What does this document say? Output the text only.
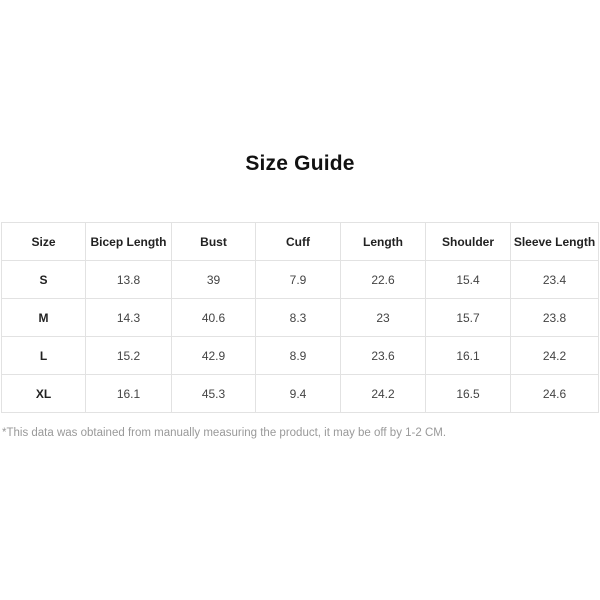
Size Guide
Size	Bicep Length	Bust	Cuff	Length	Shoulder	Sleeve Length
S	13.8	39	7.9	22.6	15.4	23.4
M	14.3	40.6	8.3	23	15.7	23.8
L	15.2	42.9	8.9	23.6	16.1	24.2
XL	16.1	45.3	9.4	24.2	16.5	24.6
*This data was obtained from manually measuring the product, it may be off by 1-2 CM.
